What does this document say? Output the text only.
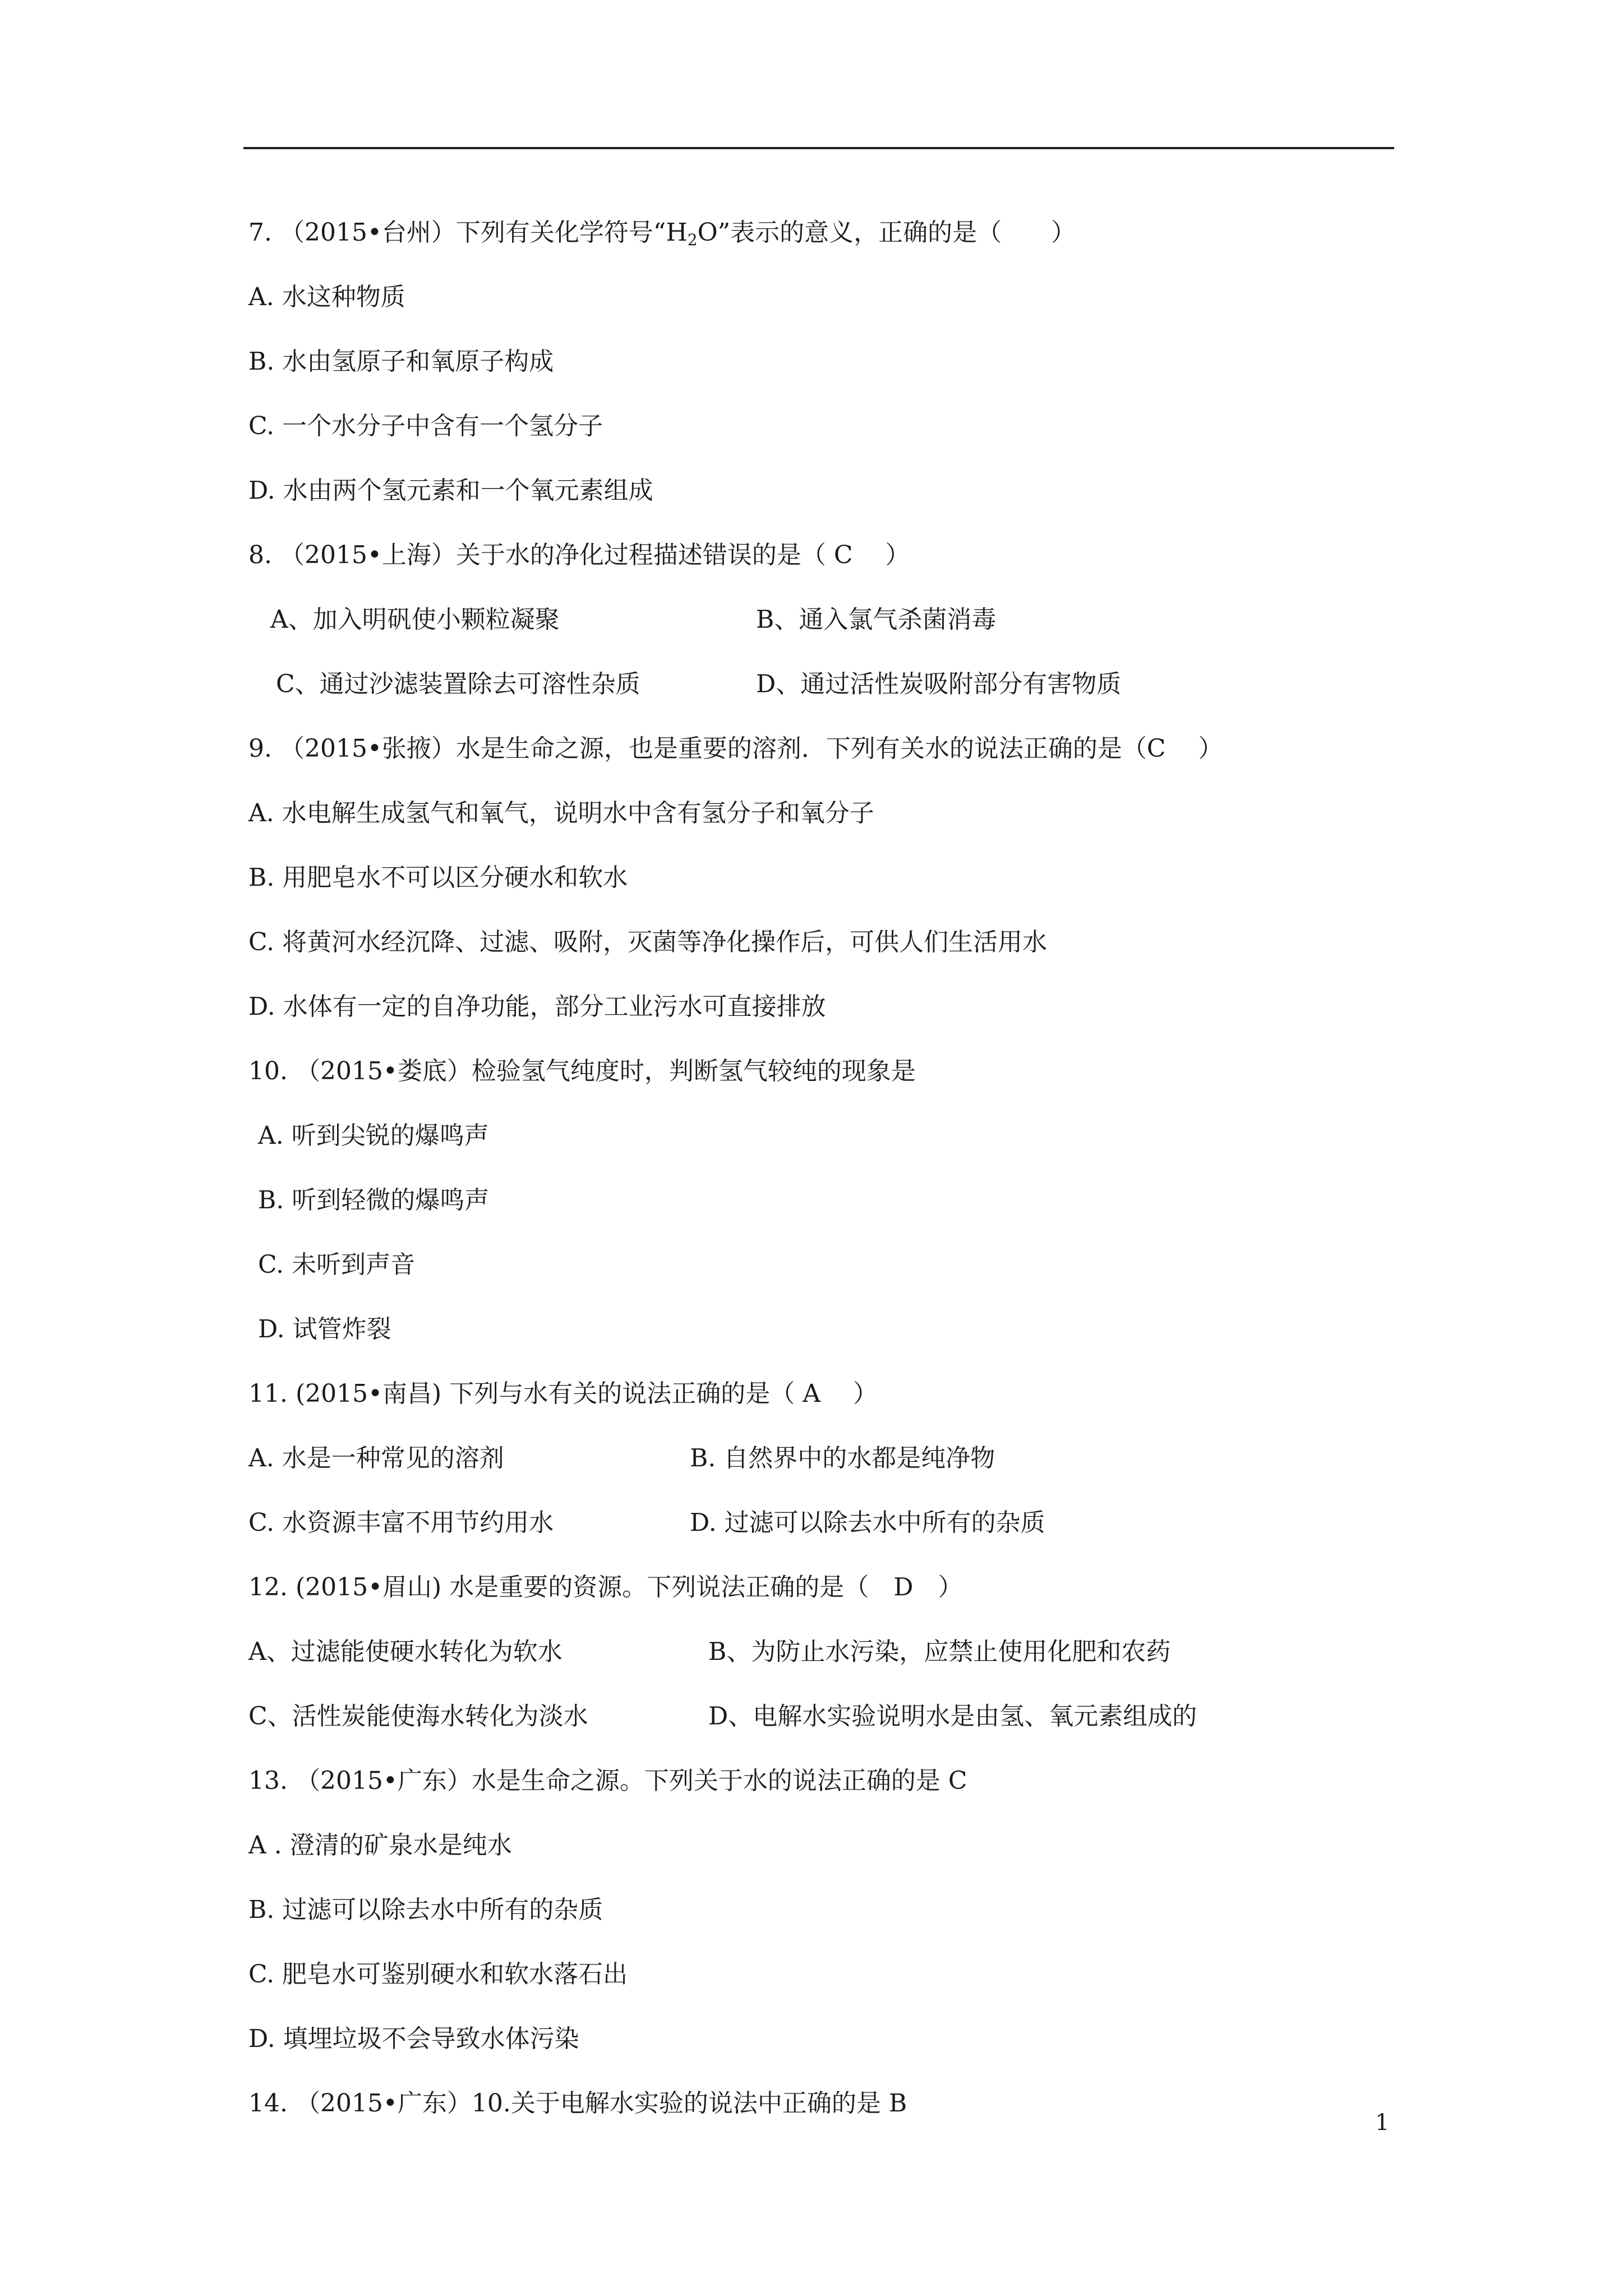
7. （2015•台州）下列有关化学符号“$H_2O$”表示的意义，正确的是（　　）
A. 水这种物质
B. 水由氢原子和氧原子构成
C. 一个水分子中含有一个氢分子
D. 水由两个氢元素和一个氧元素组成
8. （2015•上海）关于水的净化过程描述错误的是（ C　 ）
A、加入明矾使小颗粒凝聚	B、通入氯气杀菌消毒
C、通过沙滤装置除去可溶性杂质	D、通过活性炭吸附部分有害物质
9. （2015•张掖）水是生命之源，也是重要的溶剂．下列有关水的说法正确的是（C　 ）
A. 水电解生成氢气和氧气，说明水中含有氢分子和氧分子
B. 用肥皂水不可以区分硬水和软水
C. 将黄河水经沉降、过滤、吸附，灭菌等净化操作后，可供人们生活用水
D. 水体有一定的自净功能，部分工业污水可直接排放
10. （2015•娄底）检验氢气纯度时，判断氢气较纯的现象是
A. 听到尖锐的爆鸣声
B. 听到轻微的爆鸣声
C. 未听到声音
D. 试管炸裂
11. (2015•南昌) 下列与水有关的说法正确的是（ A　 ）
A. 水是一种常见的溶剂	B. 自然界中的水都是纯净物
C. 水资源丰富不用节约用水	D. 过滤可以除去水中所有的杂质
12. (2015•眉山) 水是重要的资源。下列说法正确的是（　D　）
A、过滤能使硬水转化为软水	B、为防止水污染，应禁止使用化肥和农药
C、活性炭能使海水转化为淡水	D、电解水实验说明水是由氢、氧元素组成的
13. （2015•广东）水是生命之源。下列关于水的说法正确的是 C
A . 澄清的矿泉水是纯水
B. 过滤可以除去水中所有的杂质
C. 肥皂水可鉴别硬水和软水落石出
D. 填埋垃圾不会导致水体污染
14. （2015•广东）10.关于电解水实验的说法中正确的是 B
1
